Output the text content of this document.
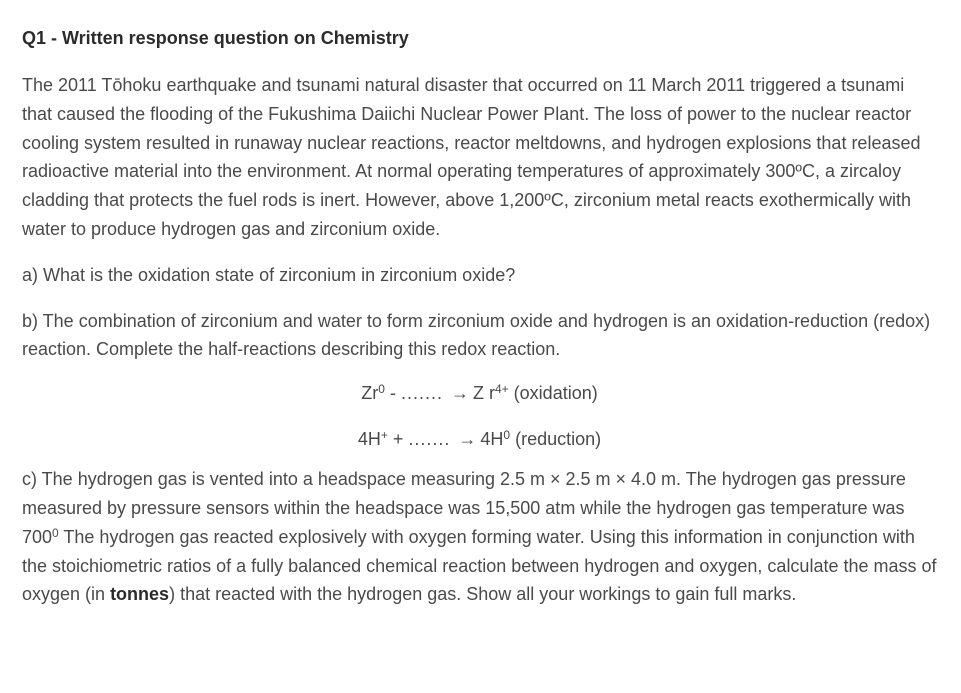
Q1 - Written response question on Chemistry

The 2011 Tōhoku earthquake and tsunami natural disaster that occurred on 11 March 2011 triggered a tsunami that caused the flooding of the Fukushima Daiichi Nuclear Power Plant. The loss of power to the nuclear reactor cooling system resulted in runaway nuclear reactions, reactor meltdowns, and hydrogen explosions that released radioactive material into the environment. At normal operating temperatures of approximately 300ºC, a zircaloy cladding that protects the fuel rods is inert. However, above 1,200ºC, zirconium metal reacts exothermically with water to produce hydrogen gas and zirconium oxide.

a) What is the oxidation state of zirconium in zirconium oxide?

b) The combination of zirconium and water to form zirconium oxide and hydrogen is an oxidation-reduction (redox) reaction. Complete the half-reactions describing this redox reaction.

Zr$^0$ - ....... → Z $r^{4+}$ (oxidation)

4H+ + ....... → $4H^0$ (reduction)

c) The hydrogen gas is vented into a headspace measuring 2.5 m × 2.5 m × 4.0 m. The hydrogen gas pressure measured by pressure sensors within the headspace was 15,500 atm while the hydrogen gas temperature was $700^0$ The hydrogen gas reacted explosively with oxygen forming water. Using this information in conjunction with the stoichiometric ratios of a fully balanced chemical reaction between hydrogen and oxygen, calculate the mass of oxygen (in tonnes) that reacted with the hydrogen gas. Show all your workings to gain full marks.
